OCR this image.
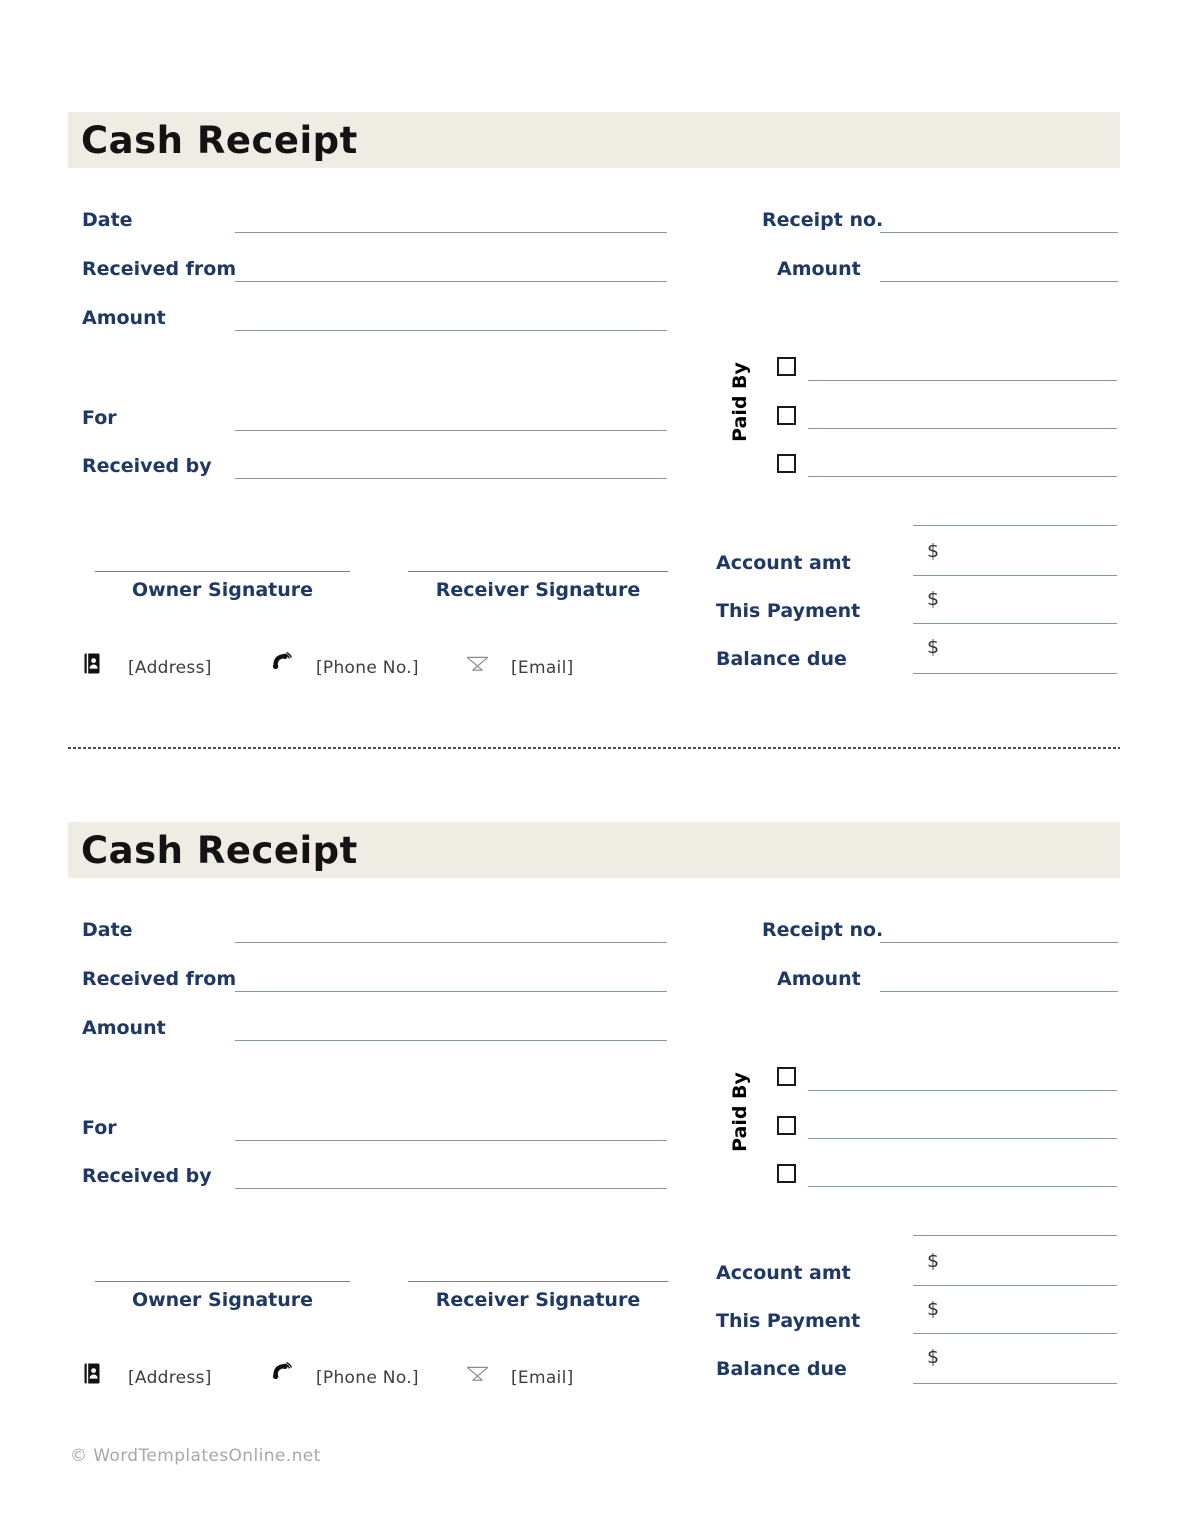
Cash Receipt
Date
Received from
Amount
For
Received by
Receipt no.
Amount
Paid By
Owner Signature	Receiver Signature
Account amt
$
This Payment
$
Balance due
$
[Address]	[Phone No.]	[Email]
Cash Receipt
Date
Received from
Amount
For
Received by
Receipt no.
Amount
Paid By
Owner Signature	Receiver Signature
Account amt
$
This Payment
$
Balance due
$
[Address]	[Phone No.]	[Email]
© WordTemplatesOnline.net
